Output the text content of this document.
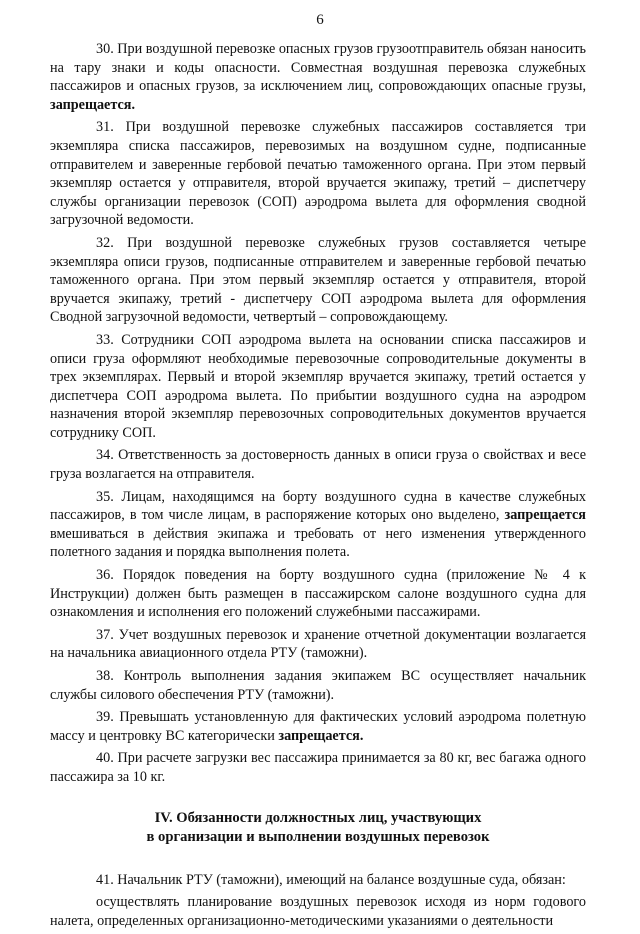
6

30. При воздушной перевозке опасных грузов грузоотправитель обязан наносить на тару знаки и коды опасности. Совместная воздушная перевозка служебных пассажиров и опасных грузов, за исключением лиц, сопровождающих опасные грузы, запрещается.

31. При воздушной перевозке служебных пассажиров составляется три экземпляра списка пассажиров, перевозимых на воздушном судне, подписанные отправителем и заверенные гербовой печатью таможенного органа. При этом первый экземпляр остается у отправителя, второй вручается экипажу, третий – диспетчеру службы организации перевозок (СОП) аэродрома вылета для оформления сводной загрузочной ведомости.

32. При воздушной перевозке служебных грузов составляется четыре экземпляра описи грузов, подписанные отправителем и заверенные гербовой печатью таможенного органа. При этом первый экземпляр остается у отправителя, второй вручается экипажу, третий - диспетчеру СОП аэродрома вылета для оформления Сводной загрузочной ведомости, четвертый – сопровождающему.

33. Сотрудники СОП аэродрома вылета на основании списка пассажиров и описи груза оформляют необходимые перевозочные сопроводительные документы в трех экземплярах. Первый и второй экземпляр вручается экипажу, третий остается у диспетчера СОП аэродрома вылета. По прибытии воздушного судна на аэродром назначения второй экземпляр перевозочных сопроводительных документов вручается сотруднику СОП.

34. Ответственность за достоверность данных в описи груза о свойствах и весе груза возлагается на отправителя.

35. Лицам, находящимся на борту воздушного судна в качестве служебных пассажиров, в том числе лицам, в распоряжение которых оно выделено, запрещается вмешиваться в действия экипажа и требовать от него изменения утвержденного полетного задания и порядка выполнения полета.

36. Порядок поведения на борту воздушного судна (приложение № 4 к Инструкции) должен быть размещен в пассажирском салоне воздушного судна для ознакомления и исполнения его положений служебными пассажирами.

37. Учет воздушных перевозок и хранение отчетной документации возлагается на начальника авиационного отдела РТУ (таможни).

38. Контроль выполнения задания экипажем ВС осуществляет начальник службы силового обеспечения РТУ (таможни).

39. Превышать установленную для фактических условий аэродрома полетную массу и центровку ВС категорически запрещается.

40. При расчете загрузки вес пассажира принимается за 80 кг, вес багажа одного пассажира за 10 кг.

IV. Обязанности должностных лиц, участвующих
в организации и выполнении воздушных перевозок

41. Начальник РТУ (таможни), имеющий на балансе воздушные суда, обязан:

осуществлять планирование воздушных перевозок исходя из норм годового налета, определенных организационно-методическими указаниями о деятельности
